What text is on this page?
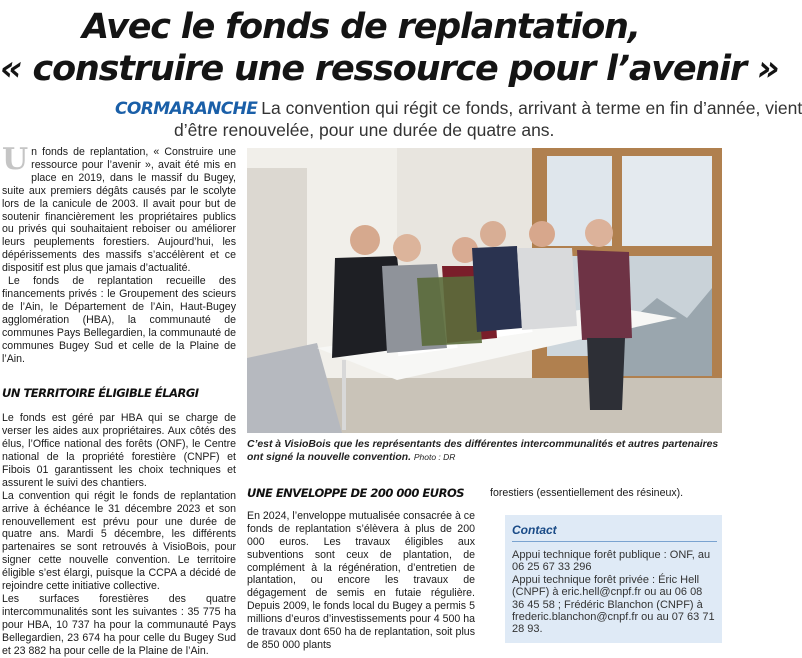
Avec le fonds de replantation,
« construire une ressource pour l’avenir »
CORMARANCHE La convention qui régit ce fonds, arrivant à terme en fin d’année, vient
d’être renouvelée, pour une durée de quatre ans.

Un fonds de replantation, « Construire une ressource pour l’avenir », avait été mis en place en 2019, dans le massif du Bugey, suite aux premiers dégâts causés par le scolyte lors de la canicule de 2003. Il avait pour but de soutenir financièrement les propriétaires publics ou privés qui souhaitaient reboiser ou améliorer leurs peuplements forestiers. Aujourd’hui, les dépérissements des massifs s’accélèrent et ce dispositif est plus que jamais d’actualité.

Le fonds de replantation recueille des financements privés : le Groupement des scieurs de l’Ain, le Département de l’Ain, Haut-Bugey agglomération (HBA), la communauté de communes Pays Bellegardien, la communauté de communes Bugey Sud et celle de la Plaine de l’Ain.

UN TERRITOIRE ÉLIGIBLE ÉLARGI

Le fonds est géré par HBA qui se charge de verser les aides aux propriétaires. Aux côtés des élus, l’Office national des forêts (ONF), le Centre national de la propriété forestière (CNPF) et Fibois 01 garantissent les choix techniques et assurent le suivi des chantiers.

La convention qui régit le fonds de replantation arrive à échéance le 31 décembre 2023 et son renouvellement est prévu pour une durée de quatre ans. Mardi 5 décembre, les différents partenaires se sont retrouvés à VisioBois, pour signer cette nouvelle convention. Le territoire éligible s’est élargi, puisque la CCPA a décidé de rejoindre cette initiative collective.

Les surfaces forestières des quatre intercommunalités sont les suivantes : 35 775 ha pour HBA, 10 737 ha pour la communauté Pays Bellegardien, 23 674 ha pour celle du Bugey Sud et 23 882 ha pour celle de la Plaine de l’Ain.

C’est à VisioBois que les représentants des différentes intercommunalités et autres partenaires ont signé la nouvelle convention. Photo : DR
UNE ENVELOPPE DE 200 000 EUROS

En 2024, l’enveloppe mutualisée consacrée à ce fonds de replantation s’élèvera à plus de 200 000 euros. Les travaux éligibles aux subventions sont ceux de plantation, de complément à la régénération, d’entretien de plantation, ou encore les travaux de dégagement de semis en futaie régulière. Depuis 2009, le fonds local du Bugey a permis 5 millions d’euros d’investissements pour 4 500 ha de travaux dont 650 ha de replantation, soit plus de 850 000 plants

forestiers (essentiellement des résineux).
Contact

Appui technique forêt publique : ONF, au 06 25 67 33 296

Appui technique forêt privée : Éric Hell (CNPF) à eric.hell@cnpf.fr ou au 06 08 36 45 58 ; Frédéric Blanchon (CNPF) à frederic.blanchon@cnpf.fr ou au 07 63 71 28 93.
